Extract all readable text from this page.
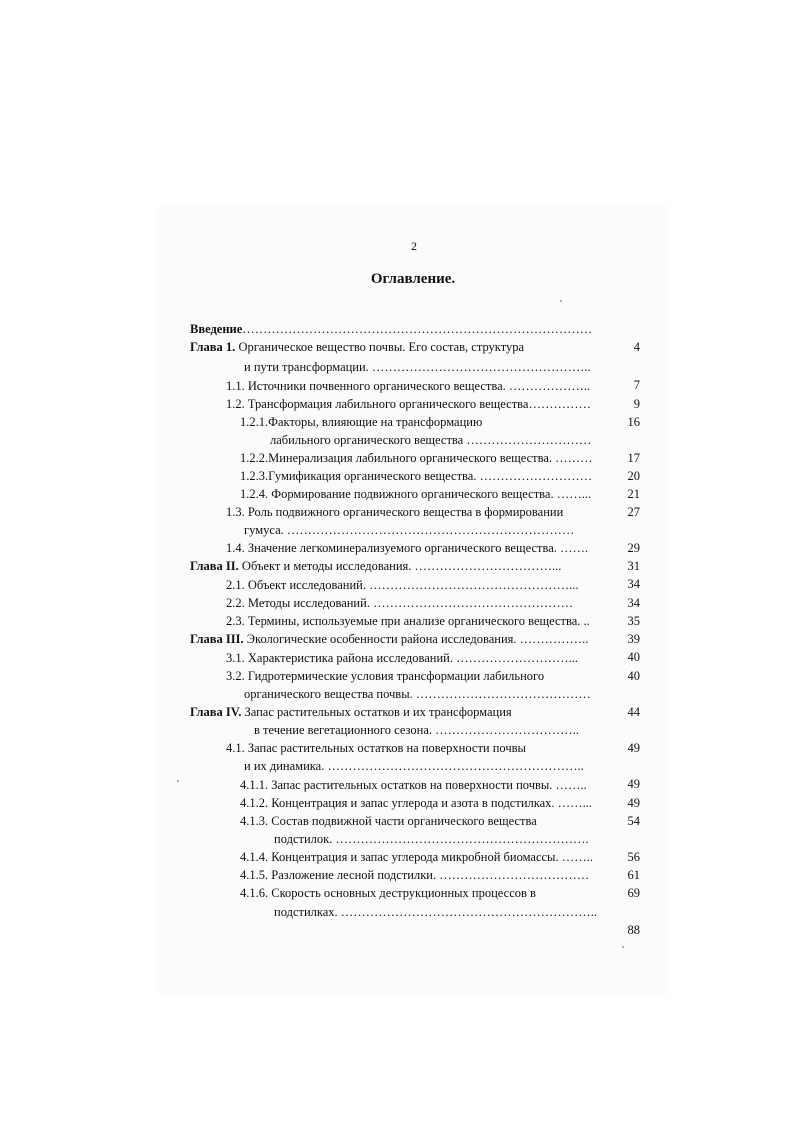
2
Оглавление.
Введение…………………………………………………………………………
4
Глава 1. Органическое вещество почвы. Его состав, структура
и пути трансформации. ……………………………………………..
7
1.1. Источники почвенного органического вещества. ………………..
9
1.2. Трансформация лабильного органического вещества……………
16
1.2.1.Факторы, влияющие на трансформацию
лабильного органического вещества …………………………
17
1.2.2.Минерализация лабильного органического вещества. ………
20
1.2.3.Гумификация органического вещества. ………………………
21
1.2.4. Формирование подвижного органического вещества. ……...
27
1.3. Роль подвижного органического вещества в формировании
гумуса. ……………………………………………………………
29
1.4. Значение легкоминерализуемого органического вещества. …….
31
Глава II. Объект и методы исследования. ……………………………...
34
2.1. Объект исследований. …………………………………………...
34
2.2. Методы исследований. …………………………………………
35
2.3. Термины, используемые при анализе органического вещества. ..
39
Глава III. Экологические особенности района исследования. ……………..
40
3.1. Характеристика района исследований. ………………………...
40
3.2. Гидротермические условия трансформации лабильного
органического вещества почвы. ……………………………………
44
Глава IV. Запас растительных остатков и их трансформация
в течение вегетационного сезона. ……………………………..
49
4.1. Запас растительных остатков на поверхности почвы
и их динамика. ……………………………………………………..
49
4.1.1. Запас растительных остатков на поверхности почвы. ……..
49
4.1.2. Концентрация и запас углерода и азота в подстилках. ……...
54
4.1.3. Состав подвижной части органического вещества
подстилок. …………………………………………………….
56
4.1.4. Концентрация и запас углерода микробной биомассы. ……..
61
4.1.5. Разложение лесной подстилки. ………………………………
69
4.1.6. Скорость основных деструкционных процессов в
подстилках. ……………………………………………………..
88
